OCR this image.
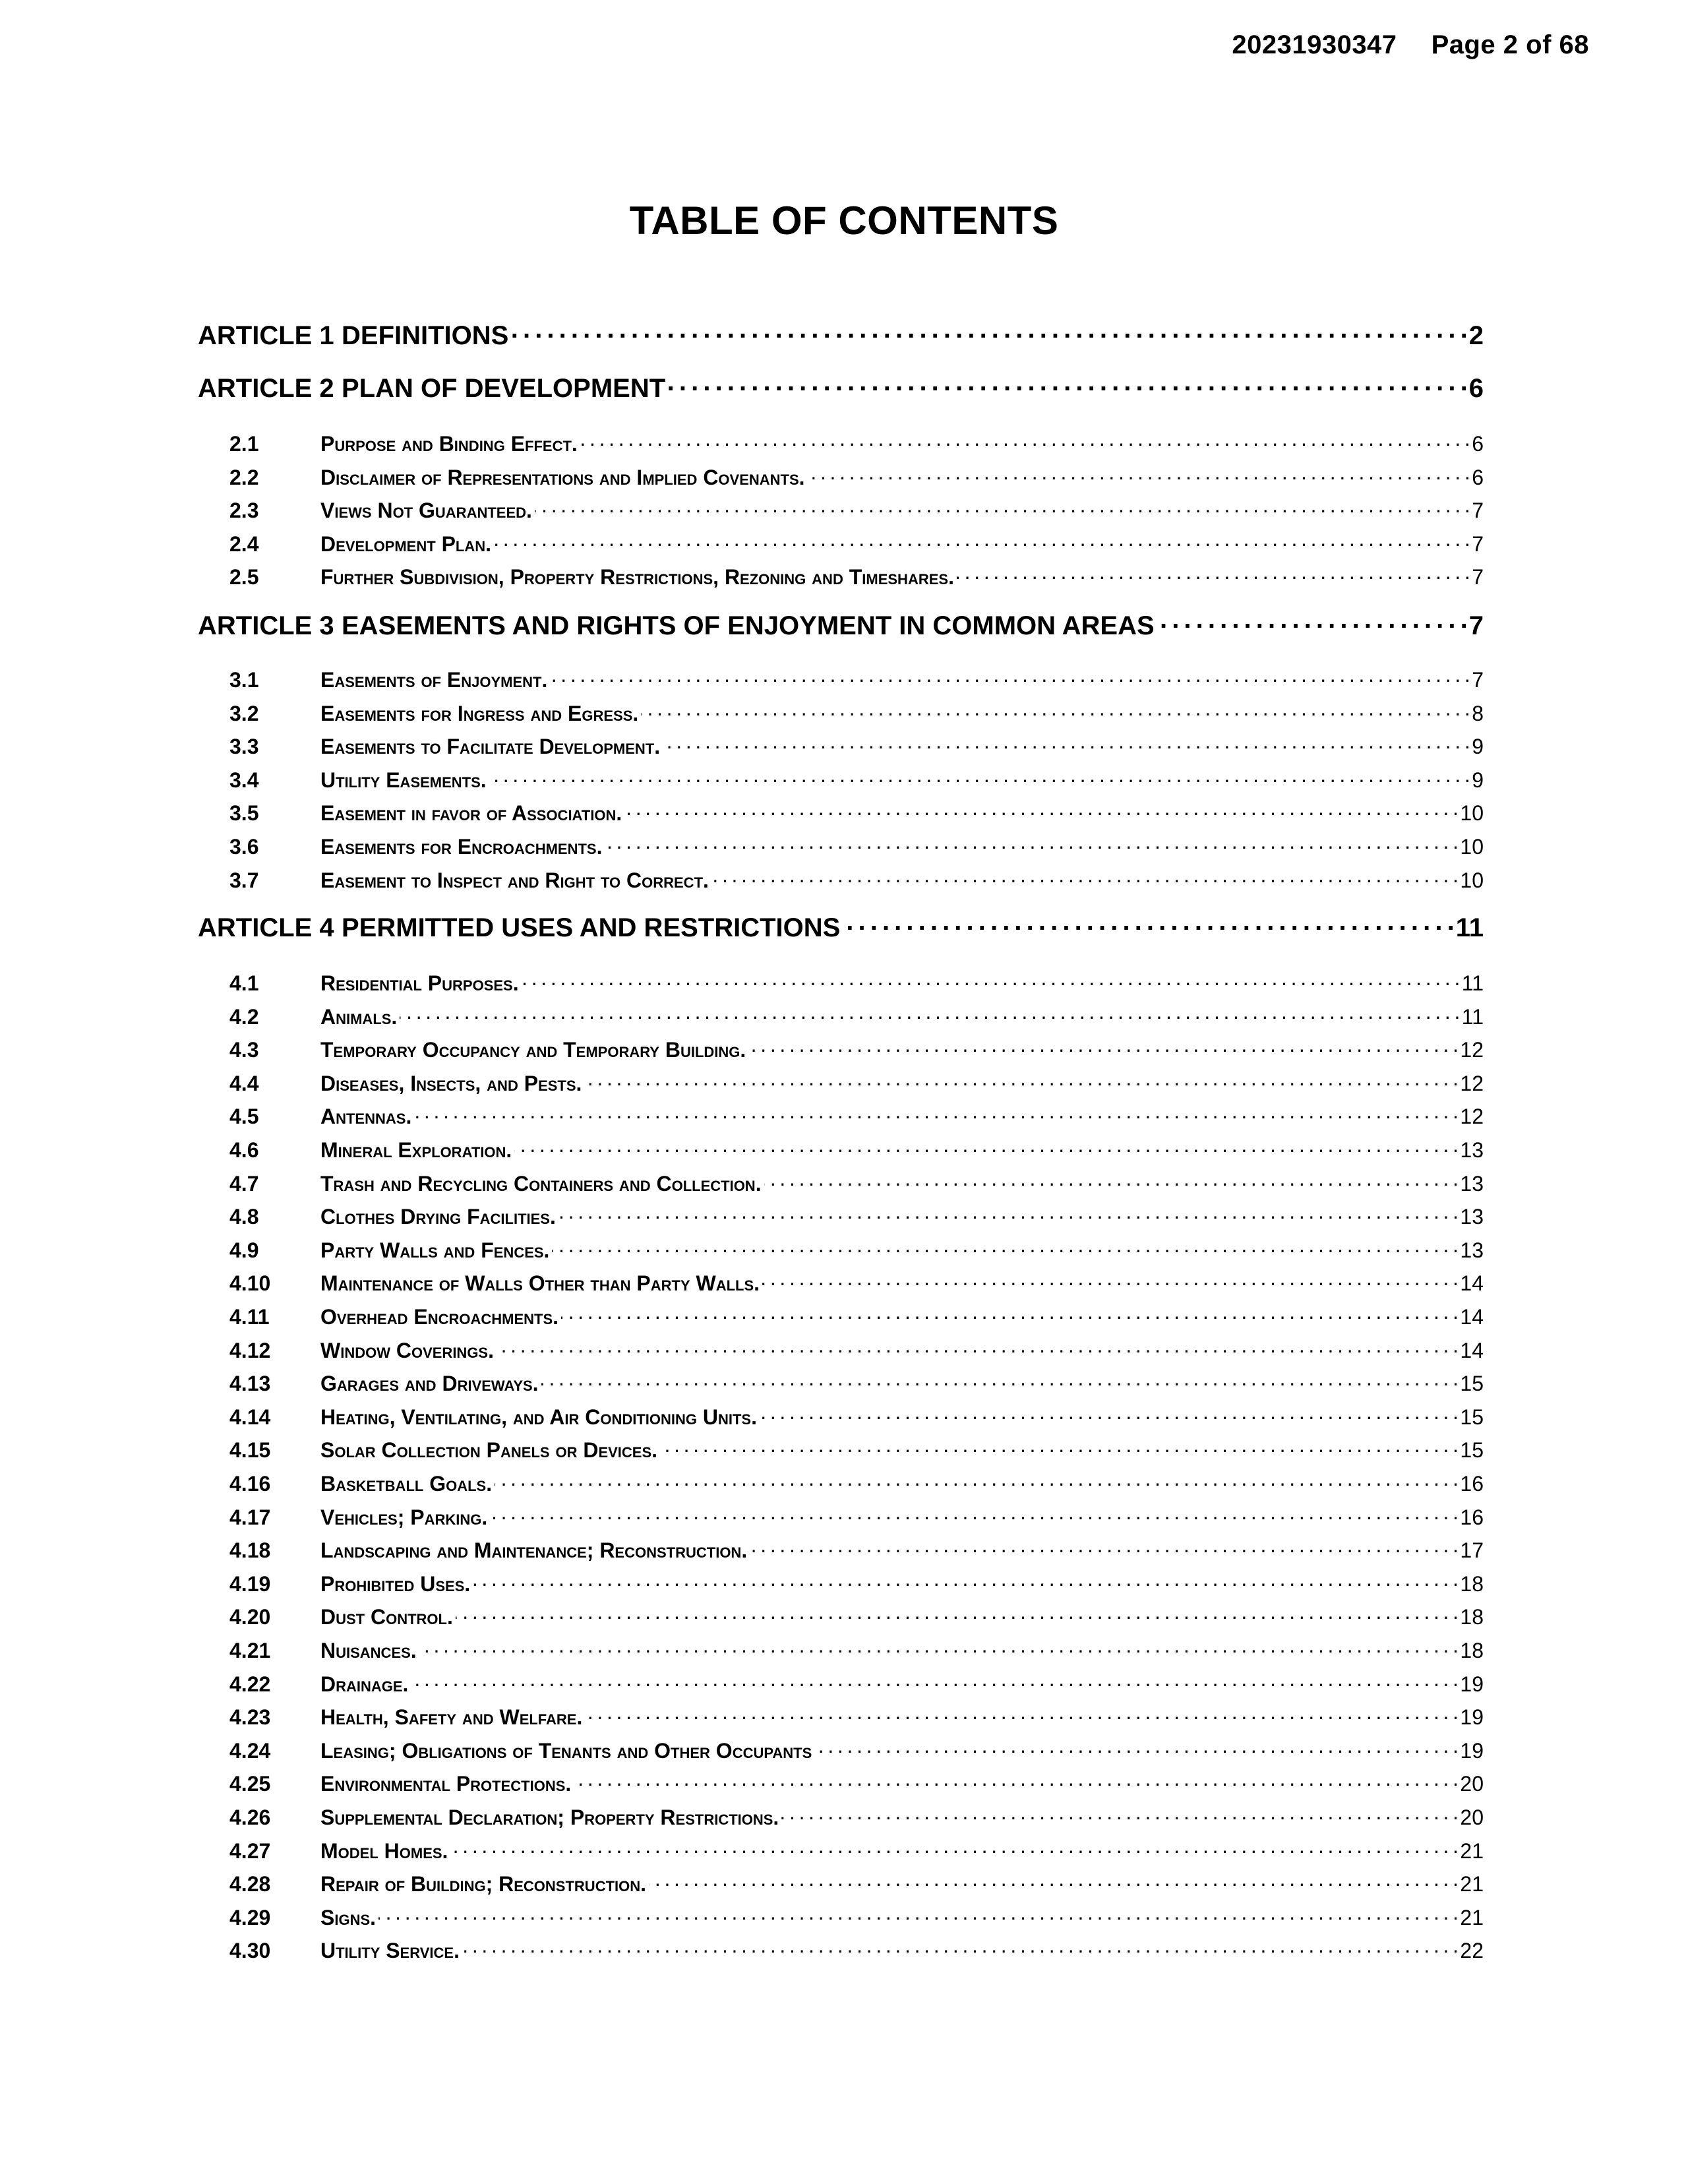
20231930347 Page 2 of 68
TABLE OF CONTENTS
ARTICLE 1 DEFINITIONS . . .	2
ARTICLE 2 PLAN OF DEVELOPMENT . . .	6
2.1	Purpose and Binding Effect. . . .	6
2.2	Disclaimer of Representations and Implied Covenants. . . .	6
2.3	Views Not Guaranteed. . . .	7
2.4	Development Plan. . . .	7
2.5	Further Subdivision, Property Restrictions, Rezoning and Timeshares. . . .	7
ARTICLE 3 EASEMENTS AND RIGHTS OF ENJOYMENT IN COMMON AREAS . . .	7
3.1	Easements of Enjoyment. . . .	7
3.2	Easements for Ingress and Egress. . . .	8
3.3	Easements to Facilitate Development. . . .	9
3.4	Utility Easements. . . .	9
3.5	Easement in favor of Association. . . .	10
3.6	Easements for Encroachments. . . .	10
3.7	Easement to Inspect and Right to Correct. . . .	10
ARTICLE 4 PERMITTED USES AND RESTRICTIONS . . .	11
4.1	Residential Purposes. . . .	11
4.2	Animals. . . .	11
4.3	Temporary Occupancy and Temporary Building. . . .	12
4.4	Diseases, Insects, and Pests. . . .	12
4.5	Antennas. . . .	12
4.6	Mineral Exploration. . . .	13
4.7	Trash and Recycling Containers and Collection. . . .	13
4.8	Clothes Drying Facilities. . . .	13
4.9	Party Walls and Fences. . . .	13
4.10	Maintenance of Walls Other than Party Walls. . . .	14
4.11	Overhead Encroachments. . . .	14
4.12	Window Coverings. . . .	14
4.13	Garages and Driveways. . . .	15
4.14	Heating, Ventilating, and Air Conditioning Units. . . .	15
4.15	Solar Collection Panels or Devices. . . .	15
4.16	Basketball Goals. . . .	16
4.17	Vehicles; Parking. . . .	16
4.18	Landscaping and Maintenance; Reconstruction. . . .	17
4.19	Prohibited Uses. . . .	18
4.20	Dust Control. . . .	18
4.21	Nuisances. . . .	18
4.22	Drainage. . . .	19
4.23	Health, Safety and Welfare. . . .	19
4.24	Leasing; Obligations of Tenants and Other Occupants . . .	19
4.25	Environmental Protections. . . .	20
4.26	Supplemental Declaration; Property Restrictions. . . .	20
4.27	Model Homes. . . .	21
4.28	Repair of Building; Reconstruction. . . .	21
4.29	Signs. . . .	21
4.30	Utility Service. . . .	22
